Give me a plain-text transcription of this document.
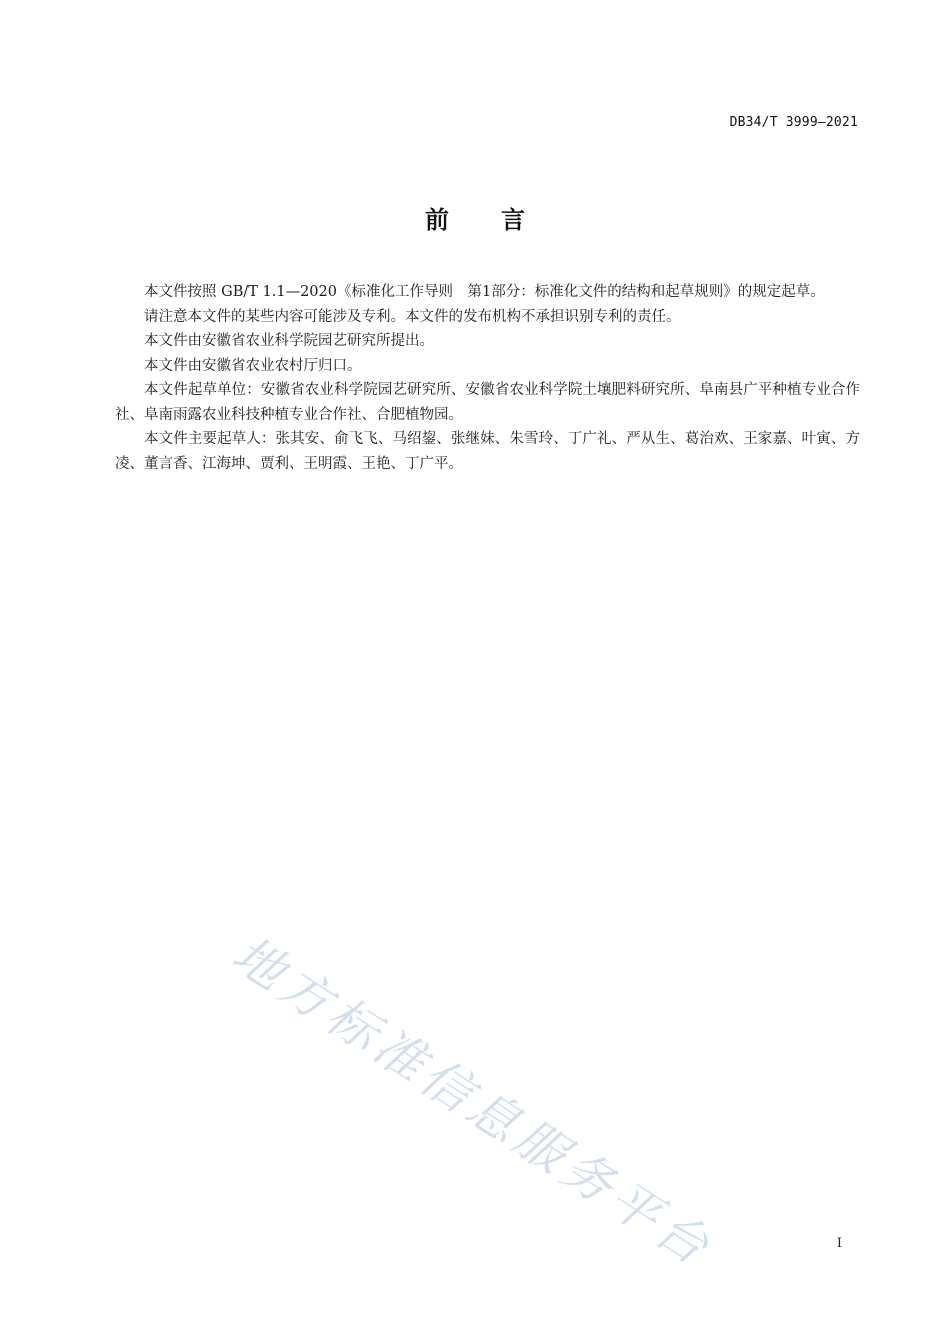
DB34/T 3999—2021
前言

本文件按照 GB/T 1.1—2020《标准化工作导则　第1部分：标准化文件的结构和起草规则》的规定起草。

请注意本文件的某些内容可能涉及专利。本文件的发布机构不承担识别专利的责任。

本文件由安徽省农业科学院园艺研究所提出。

本文件由安徽省农业农村厅归口。

本文件起草单位：安徽省农业科学院园艺研究所、安徽省农业科学院土壤肥料研究所、阜南县广平种植专业合作社、阜南雨露农业科技种植专业合作社、合肥植物园。

本文件主要起草人：张其安、俞飞飞、马绍鋆、张继妹、朱雪玲、丁广礼、严从生、葛治欢、王家嘉、叶寅、方凌、董言香、江海坤、贾利、王明霞、王艳、丁广平。

地方标准信息服务平台	I
